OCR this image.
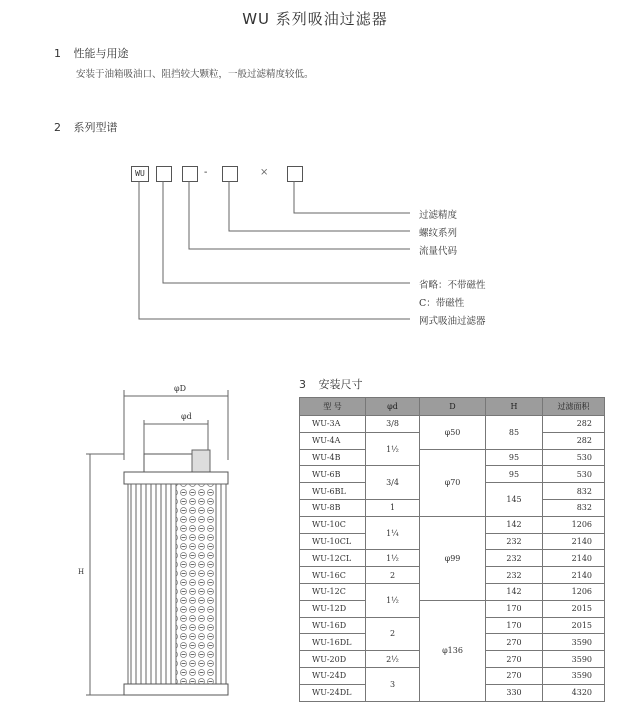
WU 系列吸油过滤器
1 性能与用途
安装于油箱吸油口、阻挡较大颗粒，一般过滤精度较低。
2 系列型谱
WU	-	×
过滤精度
螺纹系列
流量代码
省略：不带磁性
C：带磁性
网式吸油过滤器
3 安装尺寸
φD
φd
H
型 号	φd	D	H	过滤面积
WU-3A	3/8	φ50	85	282
WU-4A	1½			282
WU-4B		φ70	95	530
WU-6B	3/4		95	530
WU-6BL			145	832
WU-8B	1			832
WU-10C	1¼	φ99	142	1206
WU-10CL			232	2140
WU-12CL	1½		232	2140
WU-16C	2		232	2140
WU-12C	1½		142	1206
WU-12D		φ136	170	2015
WU-16D	2		170	2015
WU-16DL			270	3590
WU-20D	2½		270	3590
WU-24D	3		270	3590
WU-24DL			330	4320
